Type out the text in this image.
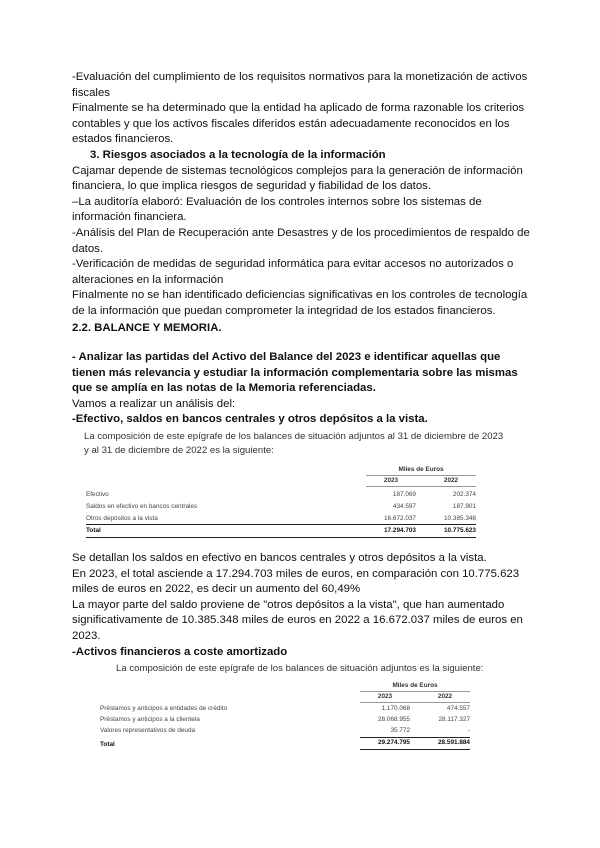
-Evaluación del cumplimiento de los requisitos normativos para la monetización de activos fiscales

Finalmente se ha determinado que la entidad ha aplicado de forma razonable los criterios contables y que los activos fiscales diferidos están adecuadamente reconocidos en los estados financieros.

3. Riesgos asociados a la tecnología de la información

Cajamar depende de sistemas tecnológicos complejos para la generación de información financiera, lo que implica riesgos de seguridad y fiabilidad de los datos.

–La auditoría elaboró: Evaluación de los controles internos sobre los sistemas de información financiera.

-Análisis del Plan de Recuperación ante Desastres y de los procedimientos de respaldo de datos.

-Verificación de medidas de seguridad informática para evitar accesos no autorizados o alteraciones en la información

Finalmente no se han identificado deficiencias significativas en los controles de tecnología de la información que puedan comprometer la integridad de los estados financieros.

2.2. BALANCE Y MEMORIA.

- Analizar las partidas del Activo del Balance del 2023 e identificar aquellas que tienen más relevancia y estudiar la información complementaria sobre las mismas que se amplía en las notas de la Memoria referenciadas.

Vamos a realizar un análisis del:

-Efectivo, saldos en bancos centrales y otros depósitos a la vista.

La composición de este epígrafe de los balances de situación adjuntos al 31 de diciembre de 2023 y al 31 de diciembre de 2022 es la siguiente:
Miles de Euros
2023	2022
Efectivo	187.069	202.374
Saldos en efectivo en bancos centrales	434.597	187.901
Otros depósitos a la vista	16.672.037	10.385.348
Total	17.294.703	10.775.623

Se detallan los saldos en efectivo en bancos centrales y otros depósitos a la vista.

En 2023, el total asciende a 17.294.703 miles de euros, en comparación con 10.775.623 miles de euros en 2022, es decir un aumento del 60,49%

La mayor parte del saldo proviene de "otros depósitos a la vista", que han aumentado significativamente de 10.385.348 miles de euros en 2022 a 16.672.037 miles de euros en 2023.

-Activos financieros a coste amortizado

La composición de este epígrafe de los balances de situación adjuntos es la siguiente:
Miles de Euros
2023	2022
Préstamos y anticipos a entidades de crédito	1.170.068	474.557
Préstamos y anticipos a la clientela	28.068.955	28.117.327
Valores representativos de deuda	35.772	-
Total	29.274.795	28.591.884
